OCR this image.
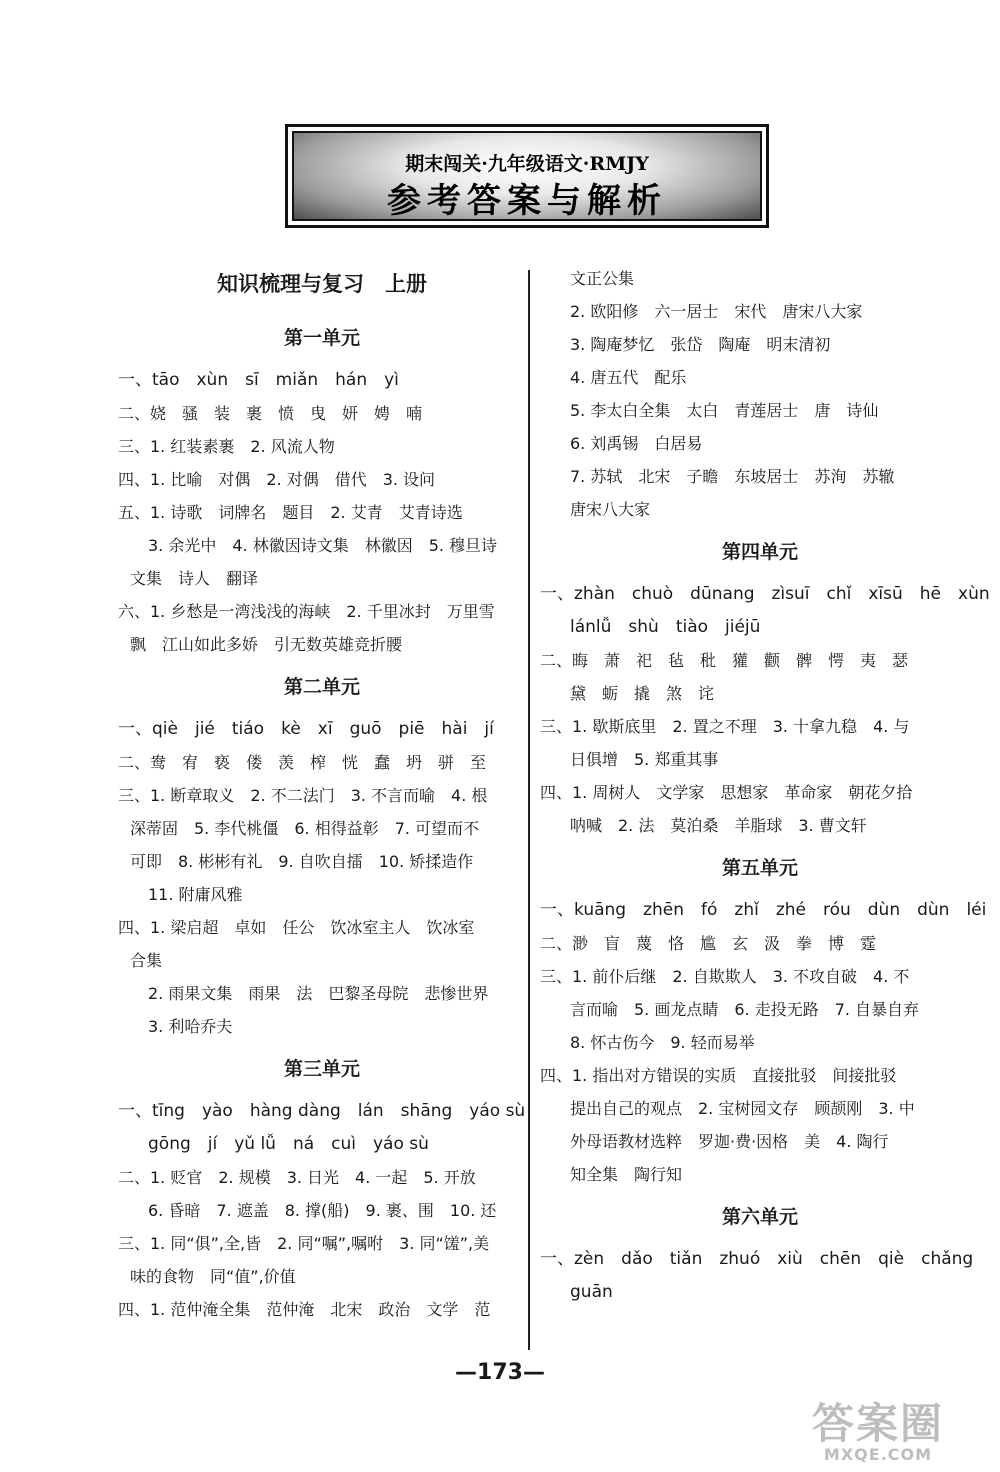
期末闯关·九年级语文·RMJY
参考答案与解析
知识梳理与复习　上册
第一单元
一、tāo　xùn　sī　miǎn　hán　yì
二、娆　骚　装　裹　愤　曳　妍　娉　喃
三、1. 红装素裹　2. 风流人物
四、1. 比喻　对偶　2. 对偶　借代　3. 设问
五、1. 诗歌　词牌名　题目　2. 艾青　艾青诗选
3. 余光中　4. 林徽因诗文集　林徽因　5. 穆旦诗
文集　诗人　翻译
六、1. 乡愁是一湾浅浅的海峡　2. 千里冰封　万里雪
飘　江山如此多娇　引无数英雄竞折腰
第二单元
一、qiè　jié　tiáo　kè　xī　guō　piē　hài　jí
二、鸯　宥　亵　偻　羡　榨　恍　蠢　坍　骈　至
三、1. 断章取义　2. 不二法门　3. 不言而喻　4. 根
深蒂固　5. 李代桃僵　6. 相得益彰　7. 可望而不
可即　8. 彬彬有礼　9. 自吹自擂　10. 矫揉造作
11. 附庸风雅
四、1. 梁启超　卓如　任公　饮冰室主人　饮冰室
合集
2. 雨果文集　雨果　法　巴黎圣母院　悲惨世界
3. 利哈乔夫
第三单元
一、tīng　yào　hàng dàng　lán　shāng　yáo sù
gōng　jí　yǔ lǚ　ná　cuì　yáo sù
二、1. 贬官　2. 规模　3. 日光　4. 一起　5. 开放
6. 昏暗　7. 遮盖　8. 撑(船)　9. 裹、围　10. 还
三、1. 同“俱”,全,皆　2. 同“嘱”,嘱咐　3. 同“馐”,美
味的食物　同“值”,价值
四、1. 范仲淹全集　范仲淹　北宋　政治　文学　范
文正公集
2. 欧阳修　六一居士　宋代　唐宋八大家
3. 陶庵梦忆　张岱　陶庵　明末清初
4. 唐五代　配乐
5. 李太白全集　太白　青莲居士　唐　诗仙
6. 刘禹锡　白居易
7. 苏轼　北宋　子瞻　东坡居士　苏洵　苏辙
唐宋八大家
第四单元
一、zhàn　chuò　dūnang　zìsuī　chǐ　xīsū　hē　xùn
lánlǚ　shù　tiào　jiéjū
二、晦　萧　祀　毡　秕　獾　颧　髀　愕　夷　瑟
黛　蛎　撬　煞　诧
三、1. 歇斯底里　2. 置之不理　3. 十拿九稳　4. 与
日俱增　5. 郑重其事
四、1. 周树人　文学家　思想家　革命家　朝花夕拾
呐喊　2. 法　莫泊桑　羊脂球　3. 曹文轩
第五单元
一、kuāng　zhēn　fó　zhǐ　zhé　róu　dùn　dùn　léi
二、渺　盲　蔑　恪　尴　玄　汲　拳　博　霆
三、1. 前仆后继　2. 自欺欺人　3. 不攻自破　4. 不
言而喻　5. 画龙点睛　6. 走投无路　7. 自暴自弃
8. 怀古伤今　9. 轻而易举
四、1. 指出对方错误的实质　直接批驳　间接批驳
提出自己的观点　2. 宝树园文存　顾颉刚　3. 中
外母语教材选粹　罗迦·费·因格　美　4. 陶行
知全集　陶行知
第六单元
一、zèn　dǎo　tiǎn　zhuó　xiù　chēn　qiè　chǎng
guān
—173—
答案圈
MXQE.COM
